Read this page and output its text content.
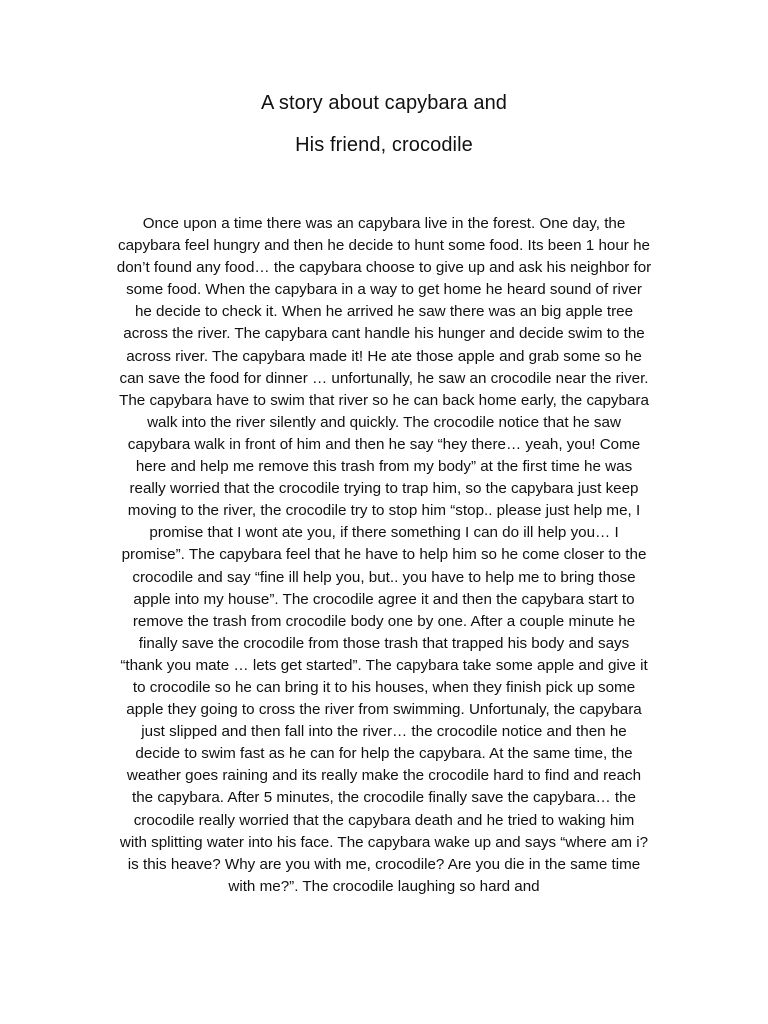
A story about capybara and
His friend, crocodile
Once upon a time there was an capybara live in the forest. One day, the
capybara feel hungry and then he decide to hunt some food. Its been 1 hour he
don’t found any food… the capybara choose to give up and ask his neighbor for
some food. When the capybara in a way to get home he heard sound of river
he decide to check it. When he arrived he saw there was an big apple tree
across the river. The capybara cant handle his hunger and decide swim to the
across river. The capybara made it! He ate those apple and grab some so he
can save the food for dinner … unfortunally, he saw an crocodile near the river.
The capybara have to swim that river so he can back home early, the capybara
walk into the river silently and quickly. The crocodile notice that he saw
capybara walk in front of him and then he say “hey there… yeah, you! Come
here and help me remove this trash from my body” at the first time he was
really worried that the crocodile trying to trap him, so the capybara just keep
moving to the river, the crocodile try to stop him “stop.. please just help me, I
promise that I wont ate you, if there something I can do ill help you… I
promise”. The capybara feel that he have to help him so he come closer to the
crocodile and say “fine ill help you, but.. you have to help me to bring those
apple into my house”. The crocodile agree it and then the capybara start to
remove the trash from crocodile body one by one. After a couple minute he
finally save the crocodile from those trash that trapped his body and says
“thank you mate … lets get started”. The capybara take some apple and give it
to crocodile so he can bring it to his houses, when they finish pick up some
apple they going to cross the river from swimming. Unfortunaly, the capybara
just slipped and then fall into the river… the crocodile notice and then he
decide to swim fast as he can for help the capybara. At the same time, the
weather goes raining and its really make the crocodile hard to find and reach
the capybara. After 5 minutes, the crocodile finally save the capybara… the
crocodile really worried that the capybara death and he tried to waking him
with splitting water into his face. The capybara wake up and says “where am i?
is this heave? Why are you with me, crocodile? Are you die in the same time
with me?”. The crocodile laughing so hard and
